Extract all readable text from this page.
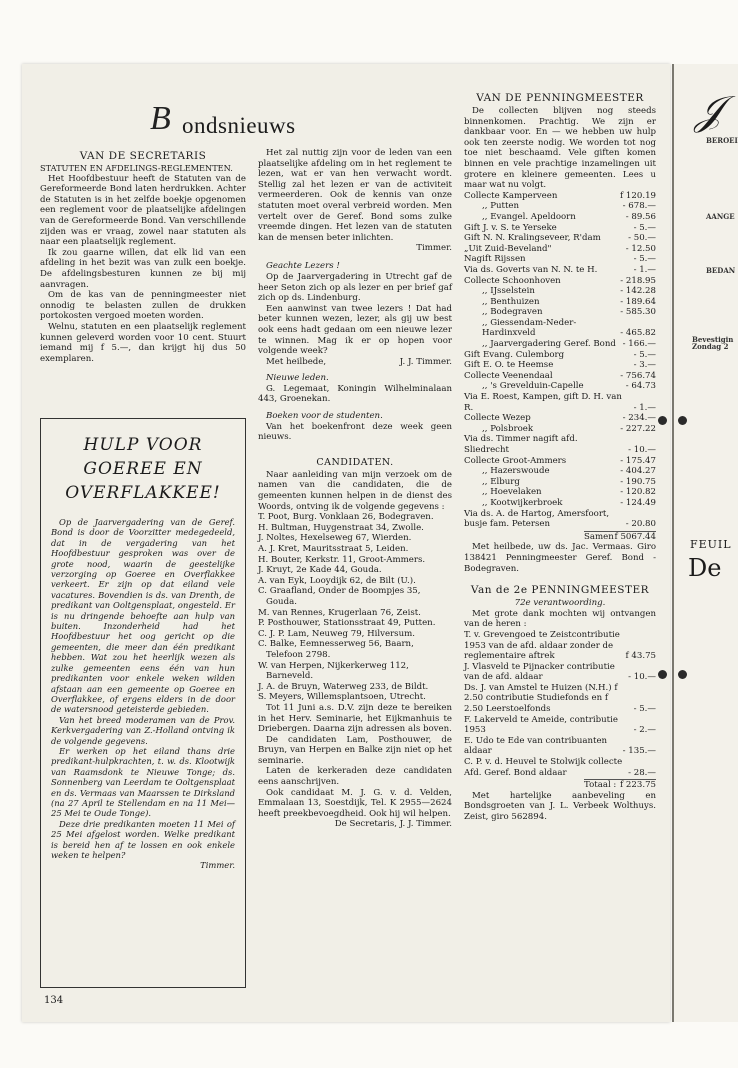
B ondsnieuws

VAN DE SECRETARIS

STATUTEN EN AFDELINGS-REGLEMENTEN.

Het Hoofdbestuur heeft de Statuten van de Gereformeerde Bond laten herdrukken. Achter de Statuten is in het zelfde boekje opgenomen een reglement voor de plaatselijke afdelingen van de Gereformeerde Bond. Van verschillende zijden was er vraag, zowel naar statuten als naar een plaatselijk reglement.

Ik zou gaarne willen, dat elk lid van een afdeling in het bezit was van zulk een boekje. De afdelingsbesturen kunnen ze bij mij aanvragen.

Om de kas van de penningmeester niet onnodig te belasten zullen de drukken portokosten vergoed moeten worden.

Welnu, statuten en een plaatselijk reglement kunnen geleverd worden voor 10 cent. Stuurt iemand mij f 5.—, dan krijgt hij dus 50 exemplaren.

HULP VOOR
GOEREE EN
OVERFLAKKEE!

Op de Jaarvergadering van de Geref. Bond is door de Voorzitter medegedeeld, dat in de vergadering van het Hoofdbestuur gesproken was over de grote nood, waarin de geestelijke verzorging op Goeree en Overflakkee verkeert. Er zijn op dat eiland vele vacatures. Bovendien is ds. van Drenth, de predikant van Ooltgensplaat, ongesteld. Er is nu dringende behoefte aan hulp van buiten. Inzonderheid had het Hoofdbestuur het oog gericht op die gemeenten, die meer dan één predikant hebben. Wat zou het heerlijk wezen als zulke gemeenten eens één van hun predikanten voor enkele weken wilden afstaan aan een gemeente op Goeree en Overflakkee, of ergens elders in de door de watersnood geteisterde gebieden.

Van het breed moderamen van de Prov. Kerkvergadering van Z.-Holland ontving ik de volgende gegevens.

Er werken op het eiland thans drie predikant-hulpkrachten, t. w. ds. Klootwijk van Raamsdonk te Nieuwe Tonge; ds. Sonnenberg van Leerdam te Ooltgensplaat en ds. Vermaas van Maarssen te Dirksland (na 27 April te Stellendam en na 11 Mei—25 Mei te Oude Tonge).

Deze drie predikanten moeten 11 Mei of 25 Mei afgelost worden. Welke predikant is bereid hen af te lossen en ook enkele weken te helpen?

Timmer.

Het zal nuttig zijn voor de leden van een plaatselijke afdeling om in het reglement te lezen, wat er van hen verwacht wordt. Stellig zal het lezen er van de activiteit vermeerderen. Ook de kennis van onze statuten moet overal verbreid worden. Men vertelt over de Geref. Bond soms zulke vreemde dingen. Het lezen van de statuten kan de mensen beter inlichten.

Timmer.

Geachte Lezers !

Op de Jaarvergadering in Utrecht gaf de heer Seton zich op als lezer en per brief gaf zich op ds. Lindenburg.

Een aanwinst van twee lezers ! Dat had beter kunnen wezen, lezer, als gij uw best ook eens hadt gedaan om een nieuwe lezer te winnen. Mag ik er op hopen voor volgende week?

Met heilbede,	J. J. Timmer.

Nieuwe leden.

G. Legemaat, Koningin Wilhelminalaan 443, Groenekan.

Boeken voor de studenten.

Van het boekenfront deze week geen nieuws.

CANDIDATEN.

Naar aanleiding van mijn verzoek om de namen van die candidaten, die de gemeenten kunnen helpen in de dienst des Woords, ontving ik de volgende gegevens :

T. Poot, Burg. Vonklaan 26, Bodegraven.

H. Bultman, Huygenstraat 34, Zwolle.

J. Noltes, Hexelseweg 67, Wierden.

A. J. Kret, Mauritsstraat 5, Leiden.

H. Bouter, Kerkstr. 11, Groot-Ammers.

J. Kruyt, 2e Kade 44, Gouda.

A. van Eyk, Looydijk 62, de Bilt (U.).

C. Graafland, Onder de Boompjes 35, Gouda.

M. van Rennes, Krugerlaan 76, Zeist.

P. Posthouwer, Stationsstraat 49, Putten.

C. J. P. Lam, Neuweg 79, Hilversum.

C. Balke, Eemnesserweg 56, Baarn, Telefoon 2798.

W. van Herpen, Nijkerkerweg 112, Barneveld.

J. A. de Bruyn, Waterweg 233, de Bildt.

S. Meyers, Willemsplantsoen, Utrecht.

Tot 11 Juni a.s. D.V. zijn deze te bereiken in het Herv. Seminarie, het Eijkmanhuis te Driebergen. Daarna zijn adressen als boven.

De candidaten Lam, Posthouwer, de Bruyn, van Herpen en Balke zijn niet op het seminarie.

Laten de kerkeraden deze candidaten eens aanschrijven.

Ook candidaat M. J. G. v. d. Velden, Emmalaan 13, Soestdijk, Tel. K 2955—2624 heeft preekbevoegdheid. Ook hij wil helpen.

De Secretaris, J. J. Timmer.

VAN DE PENNINGMEESTER

De collecten blijven nog steeds binnenkomen. Prachtig. We zijn er dankbaar voor. En — we hebben uw hulp ook ten zeerste nodig. We worden tot nog toe niet beschaamd. Vele giften komen binnen en vele prachtige inzamelingen uit grotere en kleinere gemeenten. Lees u maar wat nu volgt.

Collecte Kamperveen	f 120.19
,, Putten	- 678.—
,, Evangel. Apeldoorn	- 89.56
Gift J. v. S. te Yerseke	- 5.—
Gift N. N. Kralingseveer, R'dam	- 50.—
„Uit Zuid-Beveland"	- 12.50
Nagift Rijssen	- 5.—
Via ds. Goverts van N. N. te H.	- 1.—
Collecte Schoonhoven	- 218.95
,, IJsselstein	- 142.28
,, Benthuizen	- 189.64
,, Bodegraven	- 585.30
,, Giessendam-Neder-Hardinxveld	- 465.82
,, Jaarvergadering Geref. Bond - 166.—
Gift Evang. Culemborg	- 5.—
Gift E. O. te Heemse	- 3.—
Collecte Veenendaal	- 756.74
,, 's Grevelduin-Capelle	- 64.73
Via E. Roest, Kampen, gift D. H. van R.	- 1.—
Collecte Wezep	- 234.—
,, Polsbroek	- 227.22
Via ds. Timmer nagift afd. Sliedrecht	- 10.—
Collecte Groot-Ammers	- 175.47
,, Hazerswoude	- 404.27
,, Elburg	- 190.75
,, Hoevelaken	- 120.82
,, Kootwijkerbroek	- 124.49
Via ds. A. de Hartog, Amersfoort, busje fam. Petersen	- 20.80
Samen f 5067.44

Met heilbede, uw ds. Jac. Vermaas. Giro 138421 Penningmeester Geref. Bond - Bodegraven.

Van de 2e PENNINGMEESTER

72e verantwoording.

Met grote dank mochten wij ontvangen van de heren :

T. v. Grevengoed te Zeistcontributie 1953 van de afd. aldaar zonder de reglementaire aftrek	f 43.75
J. Vlasveld te Pijnacker contributie van de afd. aldaar	- 10.—
Ds. J. van Amstel te Huizen (N.H.) f 2.50 contributie Studiefonds en f 2.50 Leerstoelfonds	- 5.—
F. Lakerveld te Ameide, contributie 1953	- 2.—
E. Udo te Ede van contribuanten aldaar	- 135.—
C. P. v. d. Heuvel te Stolwijk collecte Afd. Geref. Bond aldaar	- 28.—
Totaal : f 223.75

Met hartelijke aanbeveling en Bondsgroeten van J. L. Verbeek Wolthuys. Zeist, giro 562894.

134
𝒥
BEROEI
AANGE
BEDAN
Bevestigin Zondag 2
FEUIL
De
